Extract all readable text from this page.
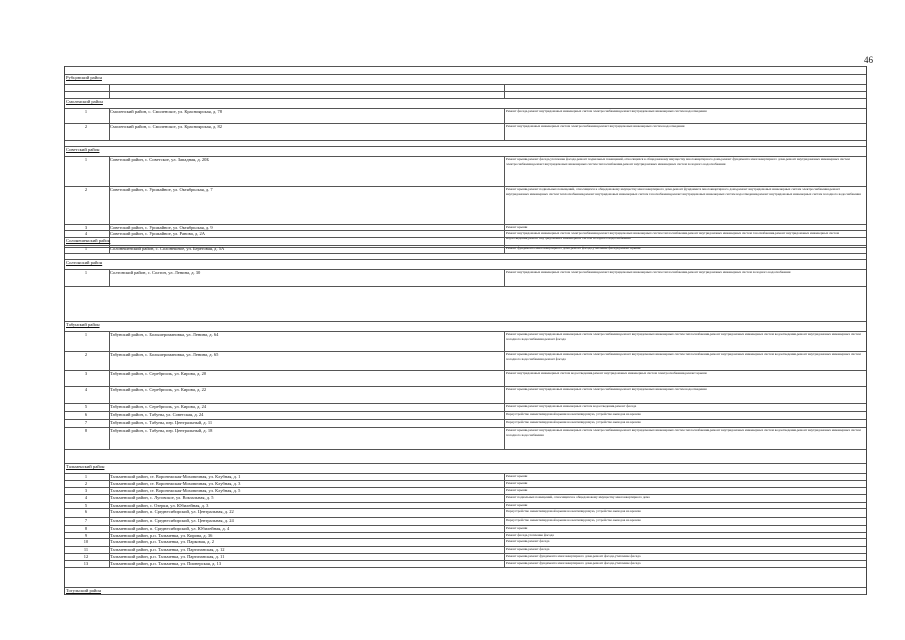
46
Рубцовский район
Смоленский район
1	Смоленский район, с. Смоленское, ул. Красноярская, д. 78	Ремонт фасада,ремонт внутридомовых инженерных систем электроснабжения,ремонт внутридомовых инженерных систем водоотведения
2	Смоленский район, с. Смоленское, ул. Красноярская, д. 82	Ремонт внутридомовых инженерных систем электроснабжения,ремонт внутридомовых инженерных систем водоотведения
Советский район
1	Советский район, с. Советское, ул. Западная, д. 20Б	Ремонт крыши,ремонт фасада,утепление фасада,ремонт подвальных помещений, относящихся к общедомовому имуществу многоквартирного дома,ремонт фундамента многоквартирного дома,ремонт внутридомовых инженерных систем электроснабжения,ремонт внутридомовых инженерных систем теплоснабжения,ремонт внутридомовых инженерных систем холодного водоснабжения
2	Советский район, с. Урожайное, ул. Октябрьская, д. 7	Ремонт крыши,ремонт подвальных помещений, относящихся к общедомовому имуществу многоквартирного дома,ремонт фундамента многоквартирного дома,ремонт внутридомовых инженерных систем электроснабжения,ремонт внутридомовых инженерных систем теплоснабжения,ремонт внутридомовых инженерных систем газоснабжения,ремонт внутридомовых инженерных систем водоотведения,ремонт внутридомовых инженерных систем холодного водоснабжения
3	Советский район, с. Урожайное, ул. Октябрьская, д. 9	Ремонт крыши
4	Советский район, с. Урожайное, ул. Ранова, д. 2А	Ремонт внутридомовых инженерных систем электроснабжения,ремонт внутридомовых инженерных систем теплоснабжения,ремонт внутридомовых инженерных систем газоснабжения,ремонт внутридомовых инженерных систем водоотведения,ремонт внутридомовых инженерных систем холодного водоснабжения
Солонешенский район
1	Солонешенский район, с. Солонешное, ул. Береговая, д. 5А	Ремонт фундамента многоквартирного дома,ремонт фасада,утепление фасада,ремонт крыши
Солтонский район
1	Солтонский район, с. Солтон, ул. Ленина, д. 30	Ремонт внутридомовых инженерных систем электроснабжения,ремонт внутридомовых инженерных систем теплоснабжения,ремонт внутридомовых инженерных систем холодного водоснабжения
Табунский район
1	Табунский район, с. Большеромановка, ул. Ленина, д. 64	Ремонт крыши,ремонт внутридомовых инженерных систем электроснабжения,ремонт внутридомовых инженерных систем теплоснабжения,ремонт внутридомовых инженерных систем водоотведения,ремонт внутридомовых инженерных систем холодного водоснабжения,ремонт фасада
2	Табунский район, с. Большеромановка, ул. Ленина, д. 65	Ремонт крыши,ремонт внутридомовых инженерных систем электроснабжения,ремонт внутридомовых инженерных систем теплоснабжения,ремонт внутридомовых инженерных систем водоотведения,ремонт внутридомовых инженерных систем холодного водоснабжения,ремонт фасада
3	Табунский район, с. Серебрполь, ул. Кирова, д. 20	Ремонт внутридомовых инженерных систем водоотведения,ремонт внутридомовых инженерных систем электроснабжения,ремонт крыши
4	Табунский район, с. Серебрполь, ул. Кирова, д. 22	Ремонт крыши,ремонт внутридомовых инженерных систем электроснабжения,ремонт внутридомовых инженерных систем водоотведения
5	Табунский район, с. Серебрполь, ул. Кирова, д. 24	Ремонт крыши,ремонт внутридомовых инженерных систем водоотведения,ремонт фасада
6	Табунский район, с. Табуны, ул. Советская, д. 24	Переустройство невентилируемой крыши на вентилируемую, устройство выходов на кровлю
7	Табунский район, с. Табуны, пер. Центральный, д. 11	Переустройство невентилируемой крыши на вентилируемую, устройство выходов на кровлю
8	Табунский район, с. Табуны, пер. Центральный, д. 18	Ремонт крыши,ремонт внутридомовых инженерных систем электроснабжения,ремонт внутридомовых инженерных систем теплоснабжения,ремонт внутридомовых инженерных систем водоотведения,ремонт внутридомовых инженерных систем холодного водоснабжения
Тальменский район
1	Тальменский район, ст. Воронежская-Моховичная, ул. Клубная, д. 1	Ремонт крыши
2	Тальменский район, ст. Воронежская-Моховичная, ул. Клубная, д. 3	Ремонт крыши
3	Тальменский район, ст. Воронежская-Моховичная, ул. Клубная, д. 5	Ремонт крыши
4	Тальменский район, с. Луговское, ул. Вокзальная, д. 5	Ремонт подвальных помещений, относящихся к общедомовому имуществу многоквартирного дома
5	Тальменский район, с. Озерки, ул. Юбилейная, д. 3	Ремонт крыши
6	Тальменский район, п. Среднесибирский, ул. Центральная, д. 22	Переустройство невентилируемой крыши на вентилируемую, устройство выходов на кровлю
7	Тальменский район, п. Среднесибирский, ул. Центральная, д. 24	Переустройство невентилируемой крыши на вентилируемую, устройство выходов на кровлю
8	Тальменский район, п. Среднесибирский, ул. Юбилейная, д. 4	Ремонт крыши
9	Тальменский район, р.п. Тальменка, ул. Кирова, д. 36	Ремонт фасада,утепление фасада
10	Тальменский район, р.п. Тальменка, ул. Парковая, д. 2	Ремонт крыши,ремонт фасада
11	Тальменский район, р.п. Тальменка, ул. Партизанская, д. 12	Ремонт крыши,ремонт фасада
12	Тальменский район, р.п. Тальменка, ул. Партизанская, д. 11	Ремонт крыши,ремонт фундамента многоквартирного дома,ремонт фасада,утепление фасада
13	Тальменский район, р.п. Тальменка, ул. Пионерская, д. 13	Ремонт крыши,ремонт фундамента многоквартирного дома,ремонт фасада,утепление фасада
Тогульский район
